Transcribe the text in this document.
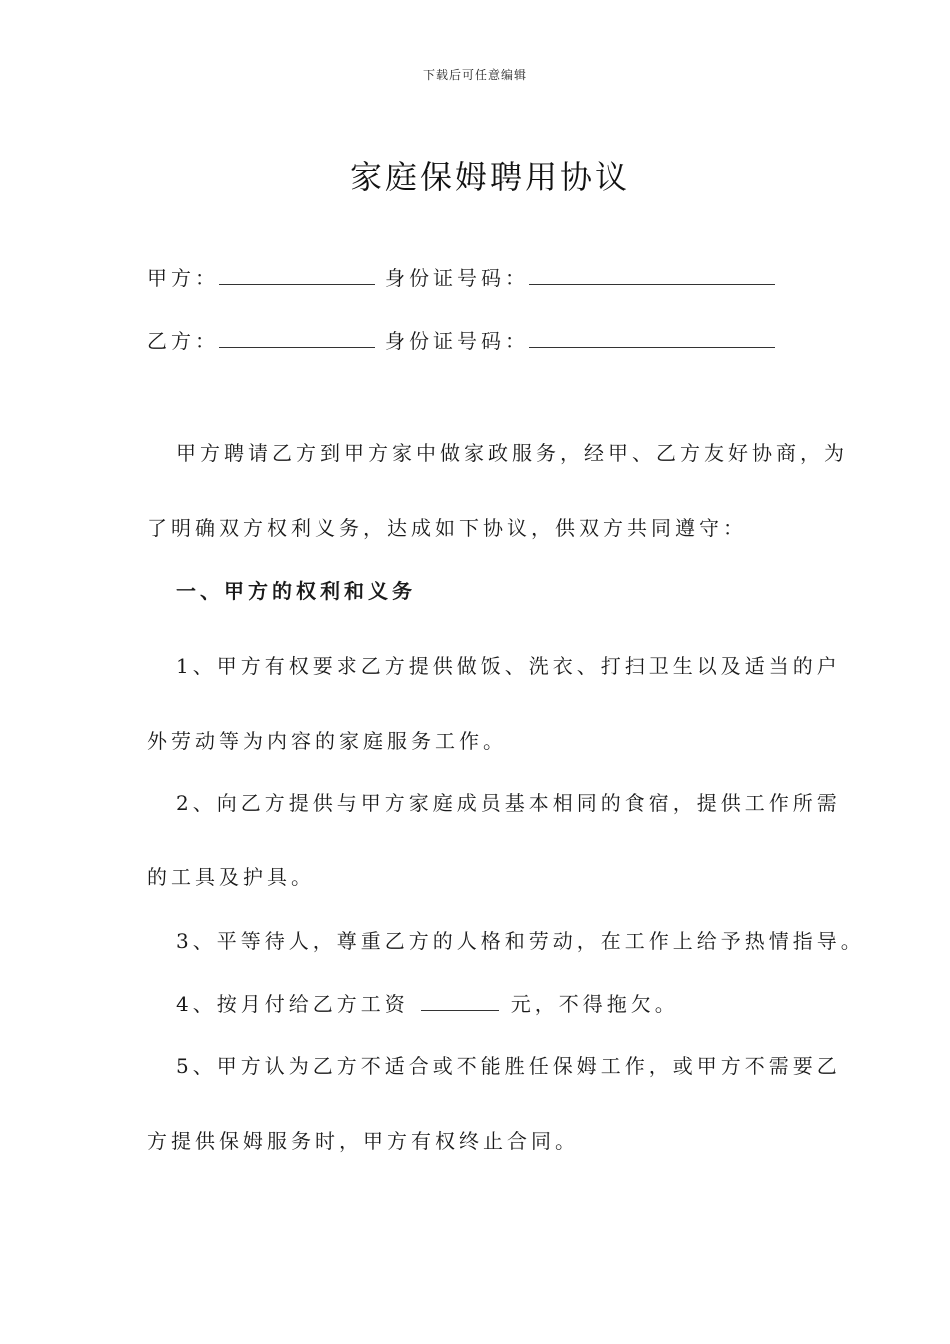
下载后可任意编辑
家庭保姆聘用协议
甲方：	身份证号码：
乙方：	身份证号码：
甲方聘请乙方到甲方家中做家政服务，经甲、乙方友好协商，为
了明确双方权利义务，达成如下协议，供双方共同遵守：
一、甲方的权利和义务
1、甲方有权要求乙方提供做饭、洗衣、打扫卫生以及适当的户
外劳动等为内容的家庭服务工作。
2、向乙方提供与甲方家庭成员基本相同的食宿，提供工作所需
的工具及护具。
3、平等待人，尊重乙方的人格和劳动，在工作上给予热情指导。
4、按月付给乙方工资	元，不得拖欠。
5、甲方认为乙方不适合或不能胜任保姆工作，或甲方不需要乙
方提供保姆服务时，甲方有权终止合同。
